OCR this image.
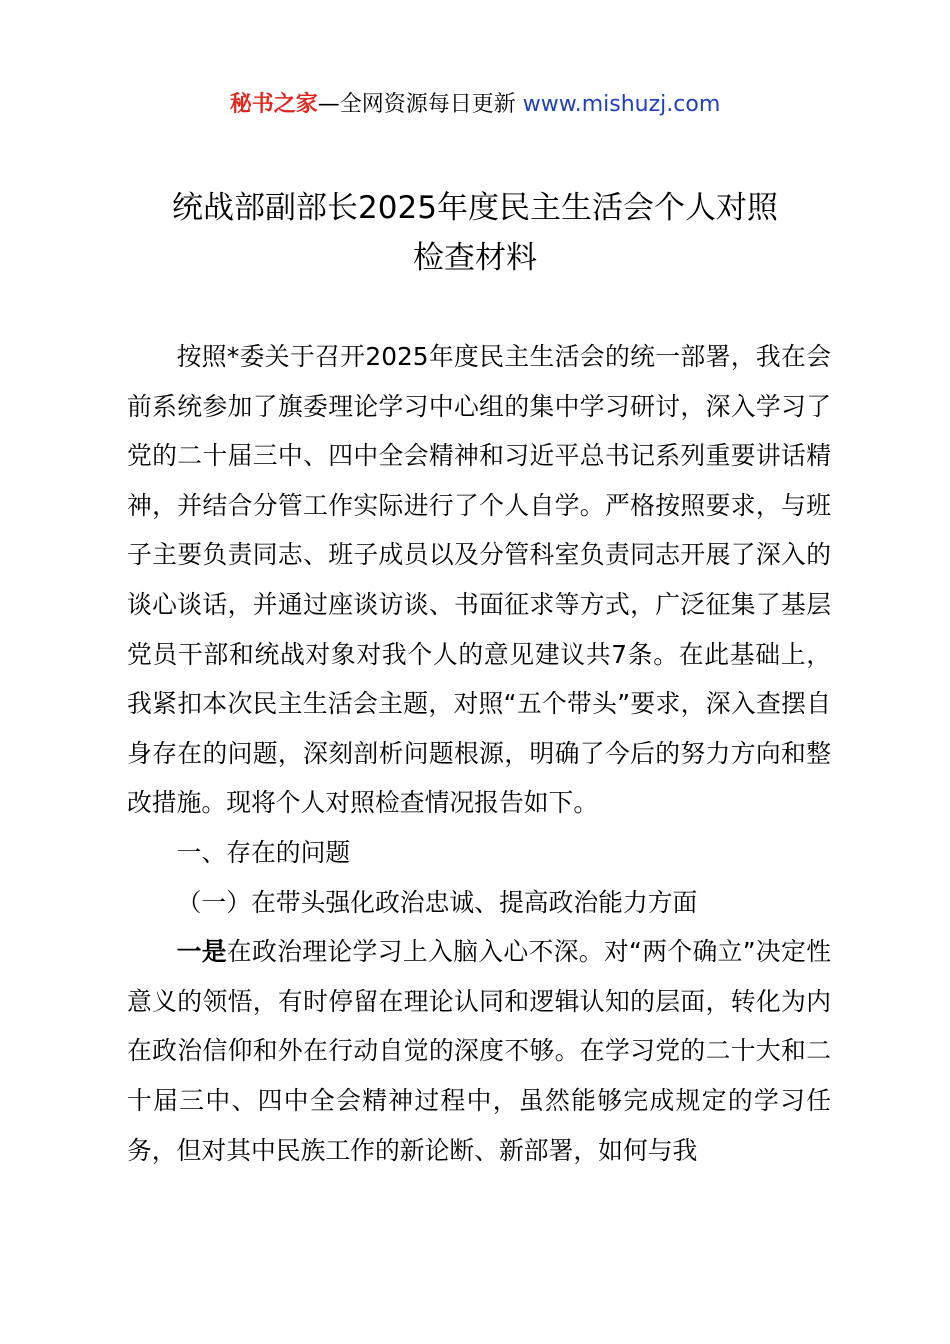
秘书之家—全网资源每日更新 www.mishuzj.com
统战部副部长2025年度民主生活会个人对照
检查材料

按照*委关于召开2025年度民主生活会的统一部署，我在会前系统参加了旗委理论学习中心组的集中学习研讨，深入学习了党的二十届三中、四中全会精神和习近平总书记系列重要讲话精神，并结合分管工作实际进行了个人自学。严格按照要求，与班子主要负责同志、班子成员以及分管科室负责同志开展了深入的谈心谈话，并通过座谈访谈、书面征求等方式，广泛征集了基层党员干部和统战对象对我个人的意见建议共7条。在此基础上，我紧扣本次民主生活会主题，对照“五个带头”要求，深入查摆自身存在的问题，深刻剖析问题根源，明确了今后的努力方向和整改措施。现将个人对照检查情况报告如下。

一、存在的问题

（一）在带头强化政治忠诚、提高政治能力方面

一是在政治理论学习上入脑入心不深。对“两个确立”决定性意义的领悟，有时停留在理论认同和逻辑认知的层面，转化为内在政治信仰和外在行动自觉的深度不够。在学习党的二十大和二十届三中、四中全会精神过程中，虽然能够完成规定的学习任务，但对其中民族工作的新论断、新部署，如何与我
